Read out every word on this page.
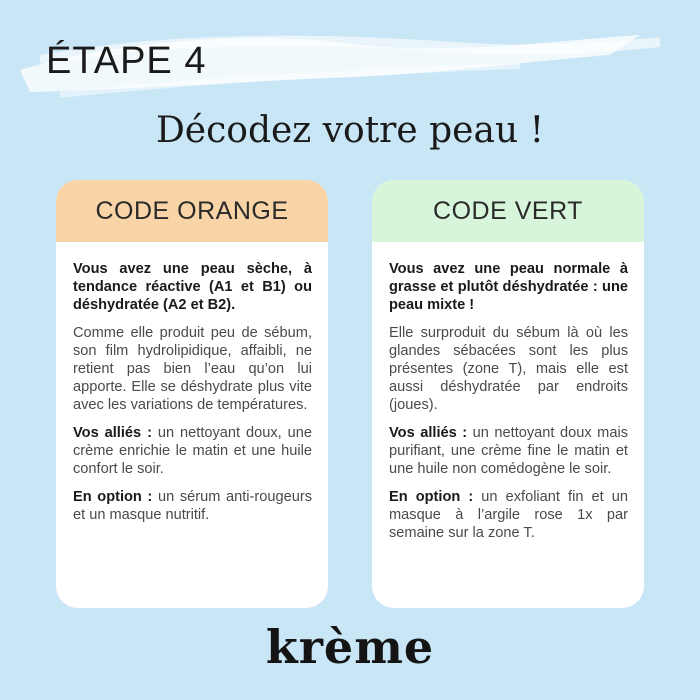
ÉTAPE 4
Décodez votre peau !
CODE ORANGE

Vous avez une peau sèche, à tendance réactive (A1 et B1) ou déshydratée (A2 et B2).

Comme elle produit peu de sébum, son film hydrolipidique, affaibli, ne retient pas bien l’eau qu’on lui apporte. Elle se déshydrate plus vite avec les variations de températures.

Vos alliés : un nettoyant doux, une crème enrichie le matin et une huile confort le soir.

En option : un sérum anti-rougeurs et un masque nutritif.

CODE VERT

Vous avez une peau normale à grasse et plutôt déshydratée : une peau mixte !

Elle surproduit du sébum là où les glandes sébacées sont les plus présentes (zone T), mais elle est aussi déshydratée par endroits (joues).

Vos alliés : un nettoyant doux mais purifiant, une crème fine le matin et une huile non comédogène le soir.

En option : un exfoliant fin et un masque à l’argile rose 1x par semaine sur la zone T.

krème
